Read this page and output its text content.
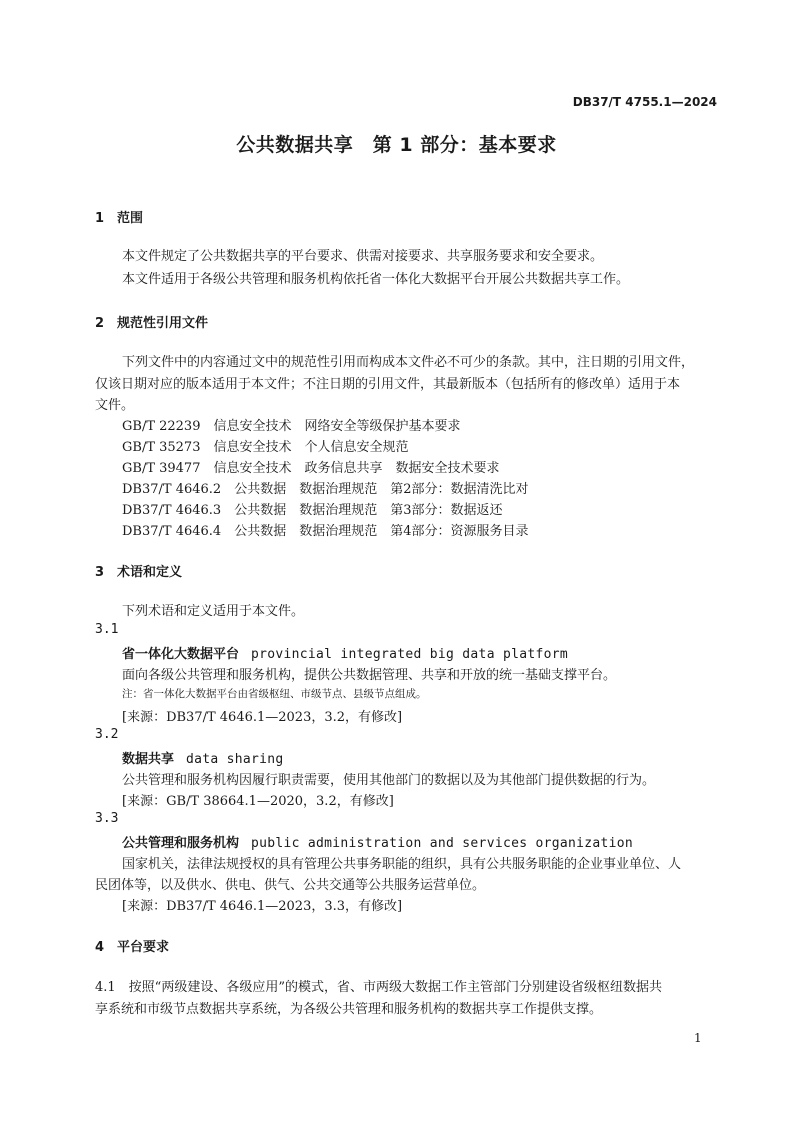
DB37/T 4755.1—2024
公共数据共享　第 1 部分：基本要求
1 范围
本文件规定了公共数据共享的平台要求、供需对接要求、共享服务要求和安全要求。
本文件适用于各级公共管理和服务机构依托省一体化大数据平台开展公共数据共享工作。
2 规范性引用文件
下列文件中的内容通过文中的规范性引用而构成本文件必不可少的条款。其中，注日期的引用文件，
仅该日期对应的版本适用于本文件；不注日期的引用文件，其最新版本（包括所有的修改单）适用于本
文件。
GB/T 22239　信息安全技术　网络安全等级保护基本要求
GB/T 35273　信息安全技术　个人信息安全规范
GB/T 39477　信息安全技术　政务信息共享　数据安全技术要求
DB37/T 4646.2　公共数据　数据治理规范　第2部分：数据清洗比对
DB37/T 4646.3　公共数据　数据治理规范　第3部分：数据返还
DB37/T 4646.4　公共数据　数据治理规范　第4部分：资源服务目录
3 术语和定义
下列术语和定义适用于本文件。
3.1
省一体化大数据平台 provincial integrated big data platform
面向各级公共管理和服务机构，提供公共数据管理、共享和开放的统一基础支撑平台。
注：省一体化大数据平台由省级枢纽、市级节点、县级节点组成。
[来源：DB37/T 4646.1—2023，3.2，有修改]
3.2
数据共享 data sharing
公共管理和服务机构因履行职责需要，使用其他部门的数据以及为其他部门提供数据的行为。
[来源：GB/T 38664.1—2020，3.2，有修改]
3.3
公共管理和服务机构 public administration and services organization
国家机关，法律法规授权的具有管理公共事务职能的组织，具有公共服务职能的企业事业单位、人
民团体等，以及供水、供电、供气、公共交通等公共服务运营单位。
[来源：DB37/T 4646.1—2023，3.3，有修改]
4 平台要求
4.1　按照“两级建设、各级应用”的模式，省、市两级大数据工作主管部门分别建设省级枢纽数据共
享系统和市级节点数据共享系统，为各级公共管理和服务机构的数据共享工作提供支撑。
1
